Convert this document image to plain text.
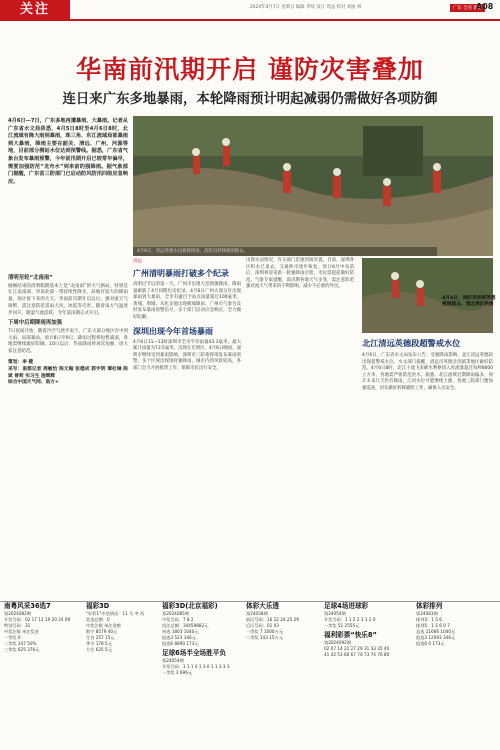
关注	2024年4月7日 星期日 编辑 孝续 设计 周益 校对 刘丽 林	广东 全省 新闻
A08
华南前汛期开启 谨防灾害叠加
连日来广东多地暴雨，本轮降雨预计明起减弱仍需做好各项防御
4月6日—7日，广东多地再遭暴雨、大暴雨。记者从广东省水文局获悉，4月5日8时至4月6日8时，北江流域有降大雨到暴雨，珠三角、东江流域局部暴雨到大暴雨，降雨主要在韶关、清远、广州、河源等地，目前部分测站水位达到预警线。据悉，广东省气象台发布暴雨预警，今年前汛期开启已较常年偏早，需要加强防范“龙舟水”到来前的强降雨。据气象部门提醒，广东省三防部门已启动防风防汛四级应急响应。
清明至轮“北南南”
刚刚结束的清明假期基本上是“北南南”的天气格局，特别是在江南南部、华南北部一带持续性降水，局地有较大的降雨量。预计接下来的几天，华南前汛期开启以后，强对流天气频繁，需注意防范雷雨大风、冰雹等灾害。随着南方气温逐步回升，暖湿气流活跃，今年前汛期正式开启。
下周中后期降雨再加强
7日夜间开始，随着冷空气逐步南下，广东大部分地区有中到大雨、局部暴雨。预计8日至9日，降雨过程将短暂减弱，各地需继续做好防御。10日以后，华南降雨将再次加强，请大家注意防范。
策划：李 健
采写：南都记者 周敏怡 陈文翰 张德成 郭宇明 谭杜琳 陈斌 曾莉 实习生 施辉辉
综合中国天气网、南方+
4月6日，清远英德水边救援现场，消防员转移被困群众。
清远
广州清明暴雨打破多个纪录
清明过节后的第一天，广州市出现大范围强降雨，降雨量刷新了4月同期历史纪录。4月6日广州大部分区出现暴雨到大暴雨，全市有逾百个站点雨量超过100毫米，黄埔、增城、从化多地出现极端降雨。广州市气象台及时发布暴雨预警信号，多个部门启动应急响应，全力做好防御。
深圳出现今年首场暴雨
4月6日11—13时深圳市全市平均雨量43.3毫米，最大累计雨量为73.5毫米，出现在光明区。4月6日晚间，深圳市继续受到暴雨影响，深圳市三防指挥部发布暴雨预警，多个区域出现短时强降雨，城市内涝风险较高，各部门全力开展排涝工作，保障市民出行安全。
出现水浸情况，有关部门迅速到场处置。目前，深圳各区积水已退去，交通秩序逐步恢复。预计6月中旬前后，深圳将迎来新一轮强降雨过程，市民需提前做好防范。气象专家提醒，前汛期各地天气多变，需注意防范强对流天气带来的不利影响，减少不必要的外出。
4月4日，消防员转移英德被困群众。清远消防供图
北江清远英德段超警戒水位
4月6日，广东省水文局发布公告：受强降雨影响，北江清远英德段出现超警戒水位。水文部门提醒，清远市英德浛洸镇等地区做好防范。4月6日8时，北江干流飞来峡水利枢纽入库流量超过每秒8000立方米，各地需严密防范洪水。据悉，北江流域近期降雨偏多，预计未来几天仍有降雨，江河水位可能继续上涨，各地三防部门要加强巡查，切实做好转移避险工作，确保人员安全。
南粤风采36选7
第2024082期
开奖号码：02 17 12 19 20 24 09
特别号码：31
中奖注数 单注奖金
一等奖 0
二等奖 347 50%
三等奖 625 376元
福彩3D
“好彩1”中奖情况：11 马 冬 西
奖金总额：0
中奖注数 单注金额
数字 8579 40元
生肖 257 15元
季节 178 5元
方位 625 5元
福彩3D(北京福彩)
第2024085期
中奖号码：7 8 2
投注总额：34459882元
单选 1803 1040元
组选3 523 346元
组选6 8890 173元
足球6场半全场胜平负
第24054期
开奖号码：1 1 1 0 1 3 0 1 1 3 3 3
一等奖 3 696元
体彩大乐透
第24038期
前区号码：16 22 24 25 29
后区号码：01 03
一等奖 7 1000万元
二等奖 143 15万元
足球4场进球彩
第24054期
开奖号码：1 1 2 2 3 1 2 0
一等奖 51 2555元
福利彩票“快乐8”
第2024092期
02 07 14 22 27 29 31 33 35 40
41 42 53 60 67 70 73 74 76 80
体彩排列
第24083期
排列3：1 5 6
排列5：1 5 6 0 7
直选 11666 1040元
组选3 12093 346元
组选6 0 173元
